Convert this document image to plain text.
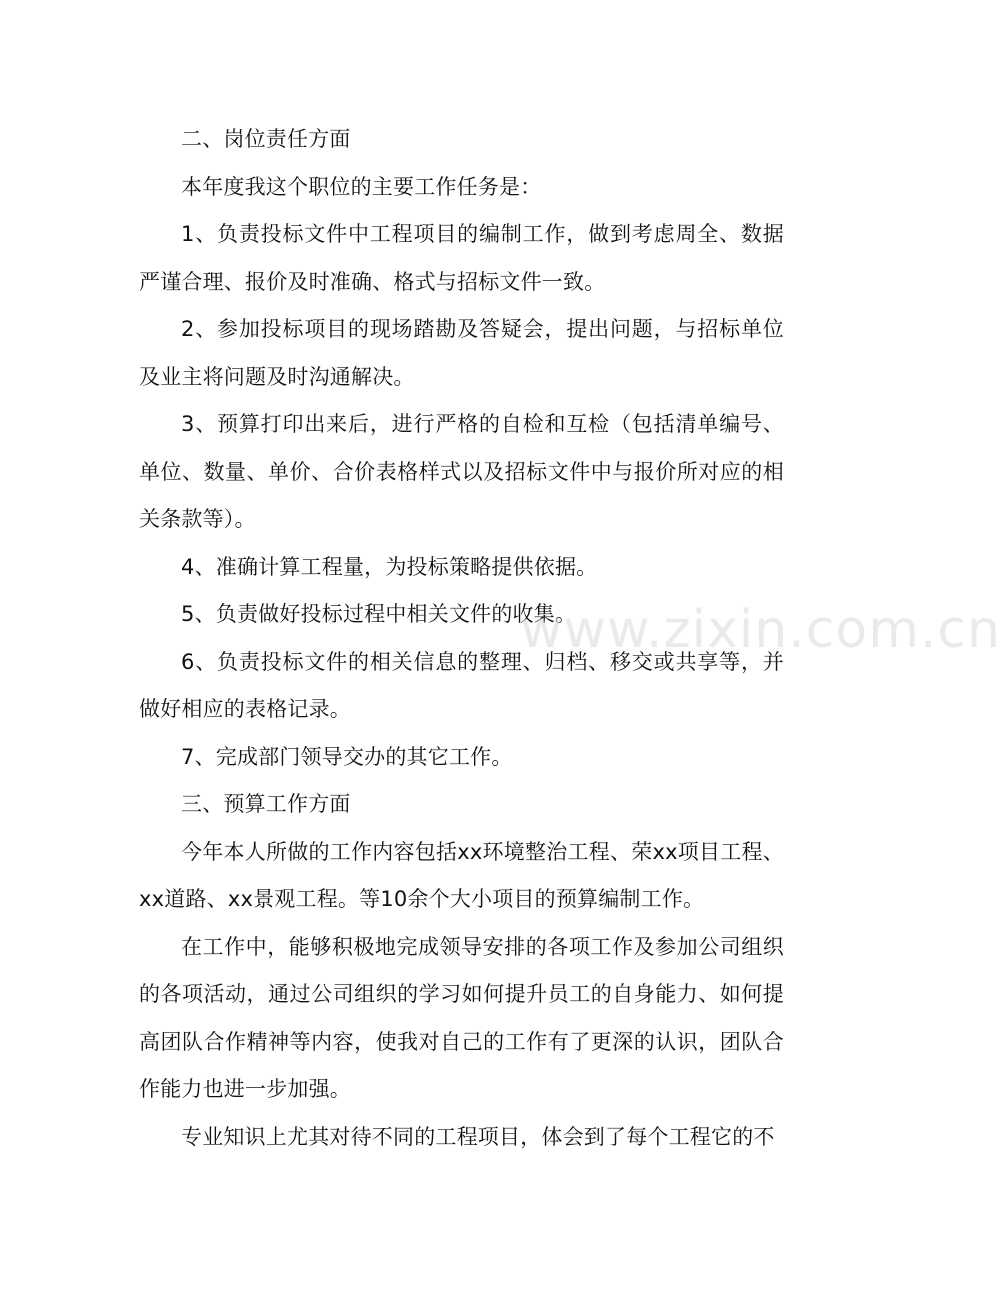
二、岗位责任方面

本年度我这个职位的主要工作任务是：

1、负责投标文件中工程项目的编制工作，做到考虑周全、数据严谨合理、报价及时准确、格式与招标文件一致。

2、参加投标项目的现场踏勘及答疑会，提出问题，与招标单位及业主将问题及时沟通解决。

3、预算打印出来后，进行严格的自检和互检（包括清单编号、单位、数量、单价、合价表格样式以及招标文件中与报价所对应的相关条款等）。

4、准确计算工程量，为投标策略提供依据。

5、负责做好投标过程中相关文件的收集。

6、负责投标文件的相关信息的整理、归档、移交或共享等，并做好相应的表格记录。

7、完成部门领导交办的其它工作。

三、预算工作方面

今年本人所做的工作内容包括xx环境整治工程、荣xx项目工程、xx道路、xx景观工程。等10余个大小项目的预算编制工作。

在工作中，能够积极地完成领导安排的各项工作及参加公司组织的各项活动，通过公司组织的学习如何提升员工的自身能力、如何提高团队合作精神等内容，使我对自己的工作有了更深的认识，团队合作能力也进一步加强。

专业知识上尤其对待不同的工程项目，体会到了每个工程它的不

www.zixin.com.cn
